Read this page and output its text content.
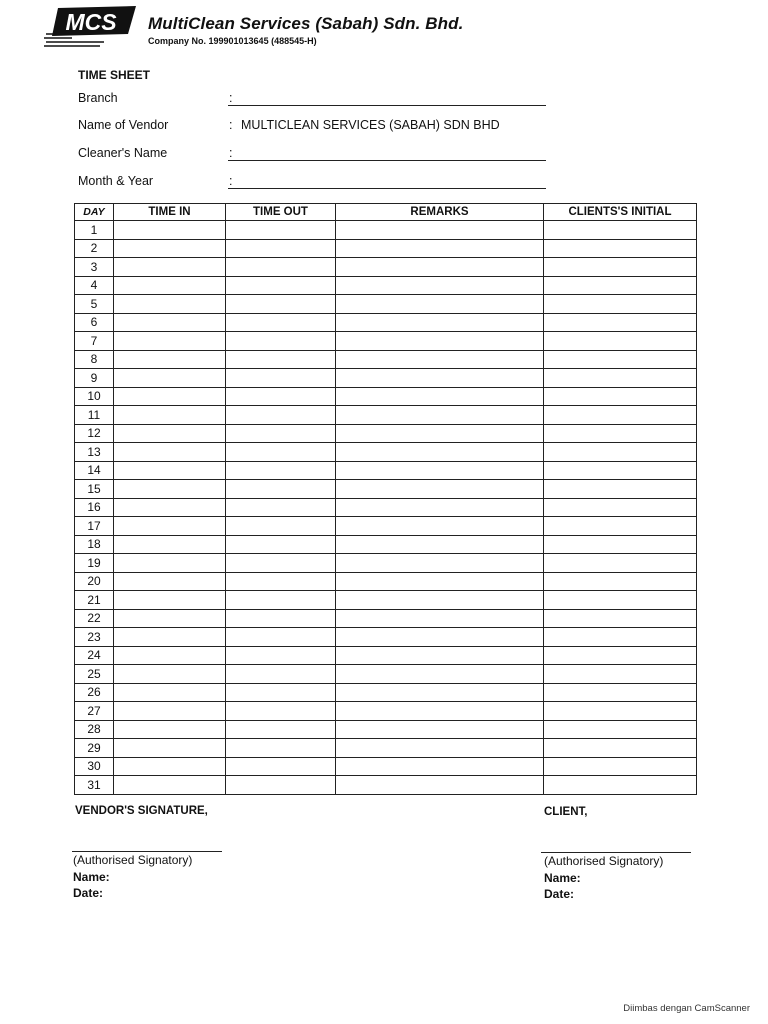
MCS MultiClean Services (Sabah) Sdn. Bhd.
Company No. 199901013645 (488545-H)
TIME SHEET
Branch	:
Name of Vendor	: MULTICLEAN SERVICES (SABAH) SDN BHD
Cleaner's Name	:
Month & Year	:
DAY	TIME IN	TIME OUT	REMARKS	CLIENTS'S INITIAL
1				
2				
3				
4				
5				
6				
7				
8				
9				
10				
11				
12				
13				
14				
15				
16				
17				
18				
19				
20				
21				
22				
23				
24				
25				
26				
27				
28				
29				
30				
31				
VENDOR'S SIGNATURE,	CLIENT,
(Authorised Signatory)
Name:
Date:
(Authorised Signatory)
Name:
Date:
Diimbas dengan CamScanner
